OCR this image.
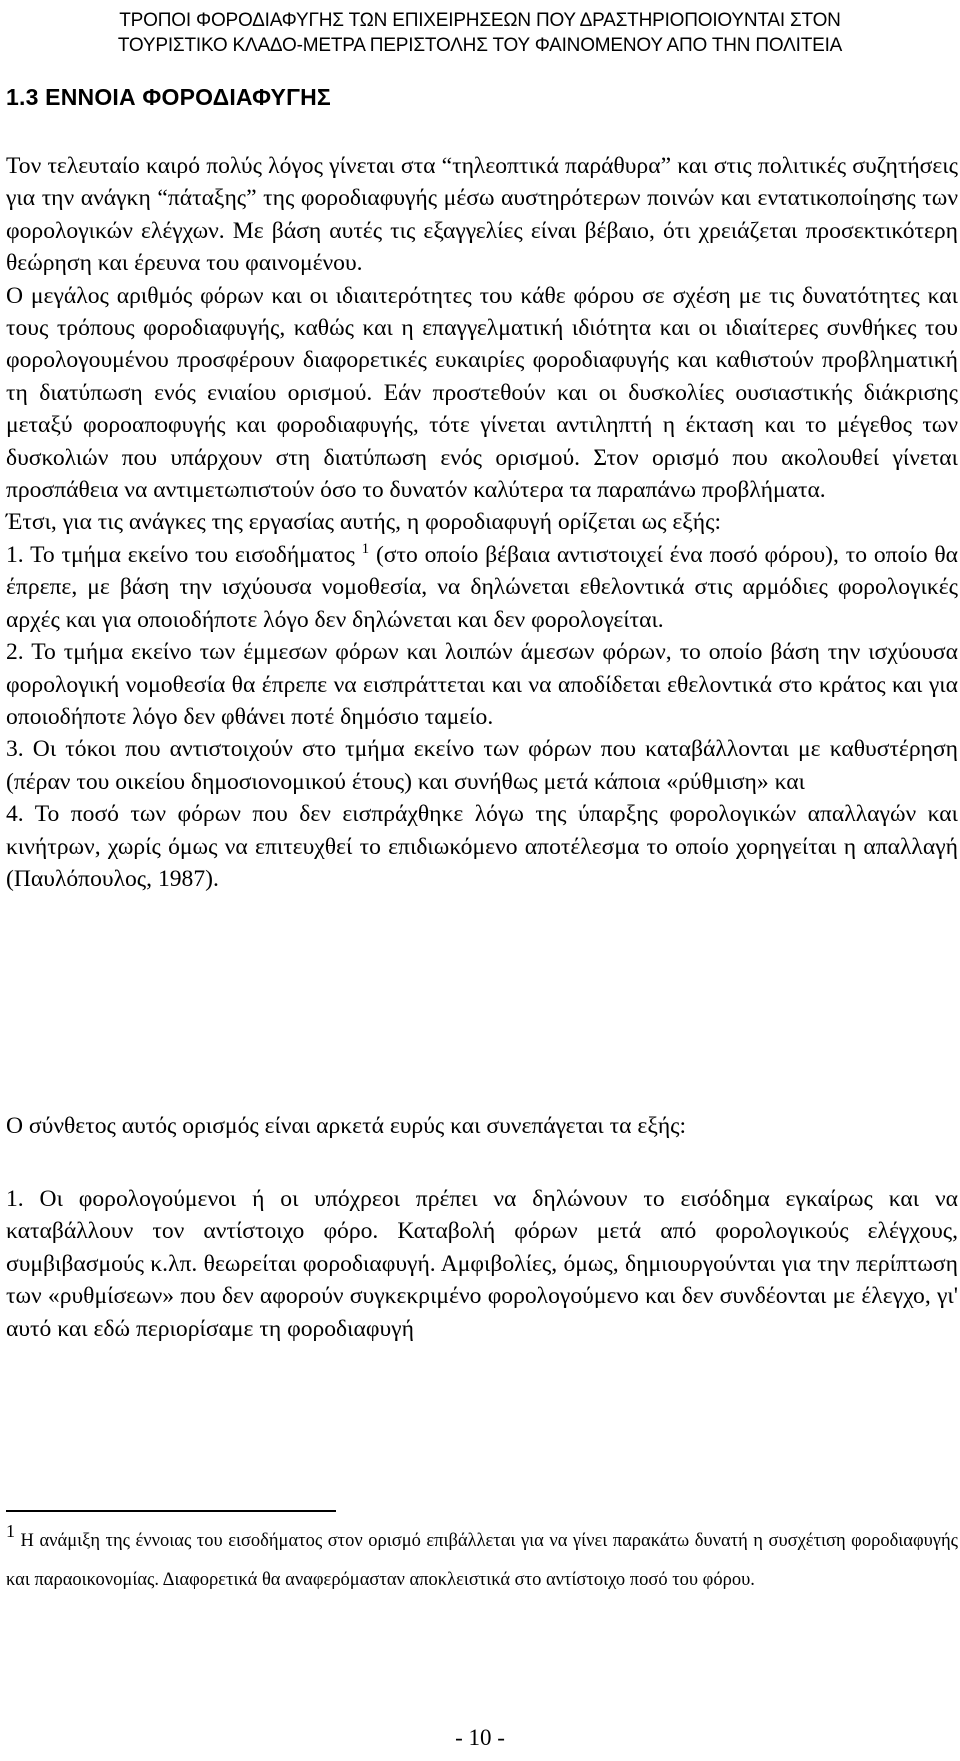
ΤΡΟΠΟΙ ΦΟΡΟΔΙΑΦΥΓΗΣ ΤΩΝ ΕΠΙΧΕΙΡΗΣΕΩΝ ΠΟΥ ΔΡΑΣΤΗΡΙΟΠΟΙΟΥΝΤΑΙ ΣΤΟΝ
ΤΟΥΡΙΣΤΙΚΟ ΚΛΑΔΟ-ΜΕΤΡΑ ΠΕΡΙΣΤΟΛΗΣ ΤΟΥ ΦΑΙΝΟΜΕΝΟΥ ΑΠΟ ΤΗΝ ΠΟΛΙΤΕΙΑ
1.3 ΕΝΝΟΙΑ ΦΟΡΟΔΙΑΦΥΓΗΣ

Τον τελευταίο καιρό πολύς λόγος γίνεται στα “τηλεοπτικά παράθυρα” και στις πολιτικές συζητήσεις για την ανάγκη “πάταξης” της φοροδιαφυγής μέσω αυστηρότερων ποινών και εντατικοποίησης των φορολογικών ελέγχων. Με βάση αυτές τις εξαγγελίες είναι βέβαιο, ότι χρειάζεται προσεκτικότερη θεώρηση και έρευνα του φαινομένου.

Ο μεγάλος αριθμός φόρων και οι ιδιαιτερότητες του κάθε φόρου σε σχέση με τις δυνατότητες και τους τρόπους φοροδιαφυγής, καθώς και η επαγγελματική ιδιότητα και οι ιδιαίτερες συνθήκες του φορολογουμένου προσφέρουν διαφορετικές ευκαιρίες φοροδιαφυγής και καθιστούν προβληματική τη διατύπωση ενός ενιαίου ορισμού. Εάν προστεθούν και οι δυσκολίες ουσιαστικής διάκρισης μεταξύ φοροαποφυγής και φοροδιαφυγής, τότε γίνεται αντιληπτή η έκταση και το μέγεθος των δυσκολιών που υπάρχουν στη διατύπωση ενός ορισμού. Στον ορισμό που ακολουθεί γίνεται προσπάθεια να αντιμετωπιστούν όσο το δυνατόν καλύτερα τα παραπάνω προβλήματα.

Έτσι, για τις ανάγκες της εργασίας αυτής, η φοροδιαφυγή ορίζεται ως εξής:

1. Το τμήμα εκείνο του εισοδήματος $^1$ (στο οποίο βέβαια αντιστοιχεί ένα ποσό φόρου), το οποίο θα έπρεπε, με βάση την ισχύουσα νομοθεσία, να δηλώνεται εθελοντικά στις αρμόδιες φορολογικές αρχές και για οποιοδήποτε λόγο δεν δηλώνεται και δεν φορολογείται.

2. Το τμήμα εκείνο των έμμεσων φόρων και λοιπών άμεσων φόρων, το οποίο βάση την ισχύουσα φορολογική νομοθεσία θα έπρεπε να εισπράττεται και να αποδίδεται εθελοντικά στο κράτος και για οποιοδήποτε λόγο δεν φθάνει ποτέ δημόσιο ταμείο.

3. Οι τόκοι που αντιστοιχούν στο τμήμα εκείνο των φόρων που καταβάλλονται με καθυστέρηση (πέραν του οικείου δημοσιονομικού έτους) και συνήθως μετά κάποια «ρύθμιση» και

4. Το ποσό των φόρων που δεν εισπράχθηκε λόγω της ύπαρξης φορολογικών απαλλαγών και κινήτρων, χωρίς όμως να επιτευχθεί το επιδιωκόμενο αποτέλεσμα το οποίο χορηγείται η απαλλαγή (Παυλόπουλος, 1987).

Ο σύνθετος αυτός ορισμός είναι αρκετά ευρύς και συνεπάγεται τα εξής:

1. Οι φορολογούμενοι ή οι υπόχρεοι πρέπει να δηλώνουν το εισόδημα εγκαίρως και να καταβάλλουν τον αντίστοιχο φόρο. Καταβολή φόρων μετά από φορολογικούς ελέγχους, συμβιβασμούς κ.λπ. θεωρείται φοροδιαφυγή. Αμφιβολίες, όμως, δημιουργούνται για την περίπτωση των «ρυθμίσεων» που δεν αφορούν συγκεκριμένο φορολογούμενο και δεν συνδέονται με έλεγχο, γι' αυτό και εδώ περιορίσαμε τη φοροδιαφυγή

$^1$ Η ανάμιξη της έννοιας του εισοδήματος στον ορισμό επιβάλλεται για να γίνει παρακάτω δυνατή η συσχέτιση φοροδιαφυγής και παραοικονομίας. Διαφορετικά θα αναφερόμασταν αποκλειστικά στο αντίστοιχο ποσό του φόρου.

- 10 -
